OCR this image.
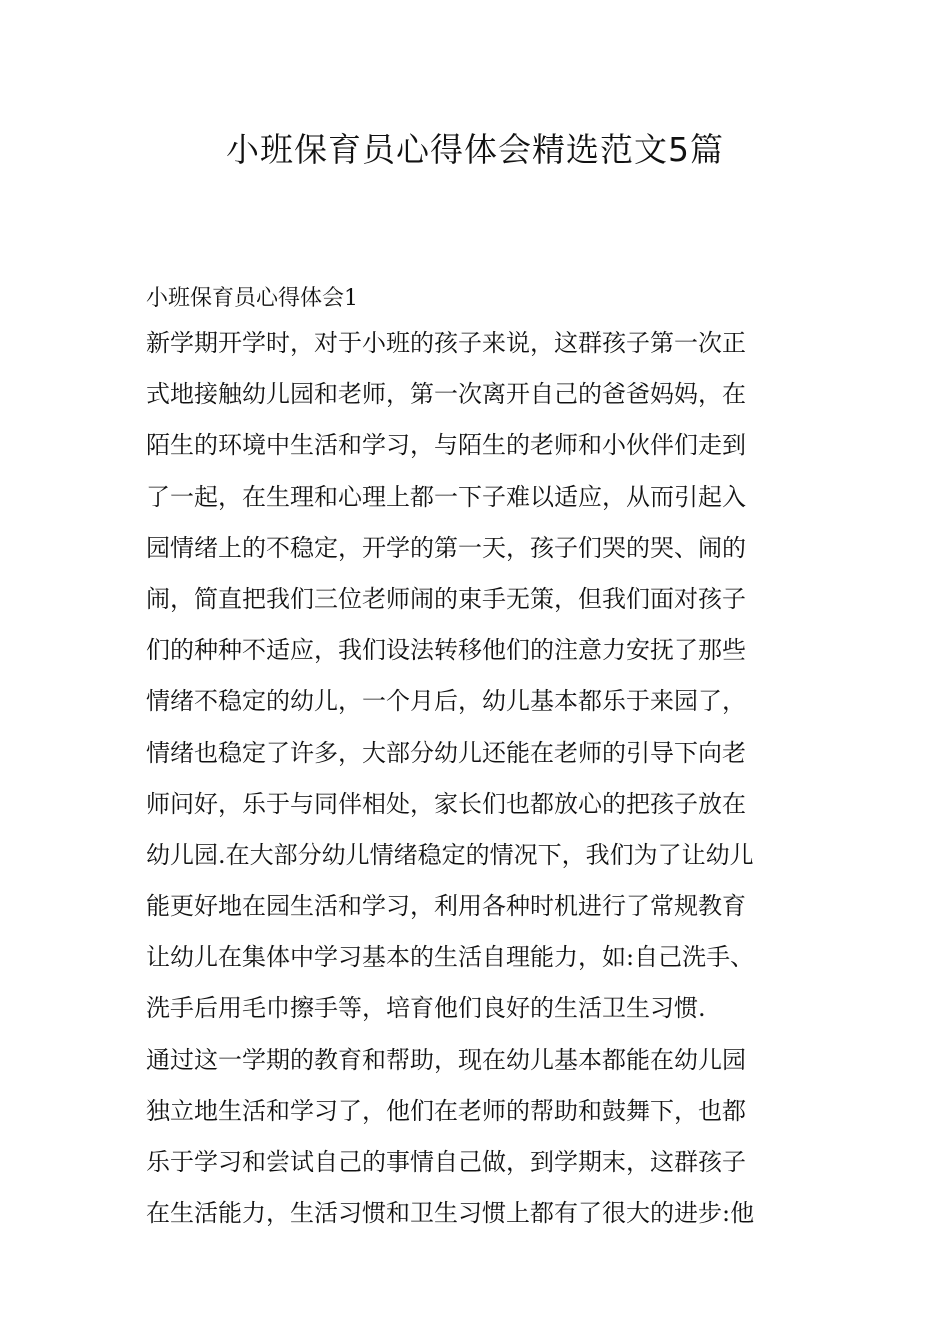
小班保育员心得体会精选范文5篇
小班保育员心得体会1
新学期开学时，对于小班的孩子来说，这群孩子第一次正
式地接触幼儿园和老师，第一次离开自己的爸爸妈妈，在
陌生的环境中生活和学习，与陌生的老师和小伙伴们走到
了一起，在生理和心理上都一下子难以适应，从而引起入
园情绪上的不稳定，开学的第一天，孩子们哭的哭、闹的
闹，简直把我们三位老师闹的束手无策，但我们面对孩子
们的种种不适应，我们设法转移他们的注意力安抚了那些
情绪不稳定的幼儿，一个月后，幼儿基本都乐于来园了，
情绪也稳定了许多，大部分幼儿还能在老师的引导下向老
师问好，乐于与同伴相处，家长们也都放心的把孩子放在
幼儿园.在大部分幼儿情绪稳定的情况下，我们为了让幼儿
能更好地在园生活和学习，利用各种时机进行了常规教育
让幼儿在集体中学习基本的生活自理能力，如:自己洗手、
洗手后用毛巾擦手等，培育他们良好的生活卫生习惯.
通过这一学期的教育和帮助，现在幼儿基本都能在幼儿园
独立地生活和学习了，他们在老师的帮助和鼓舞下，也都
乐于学习和尝试自己的事情自己做，到学期末，这群孩子
在生活能力，生活习惯和卫生习惯上都有了很大的进步:他
